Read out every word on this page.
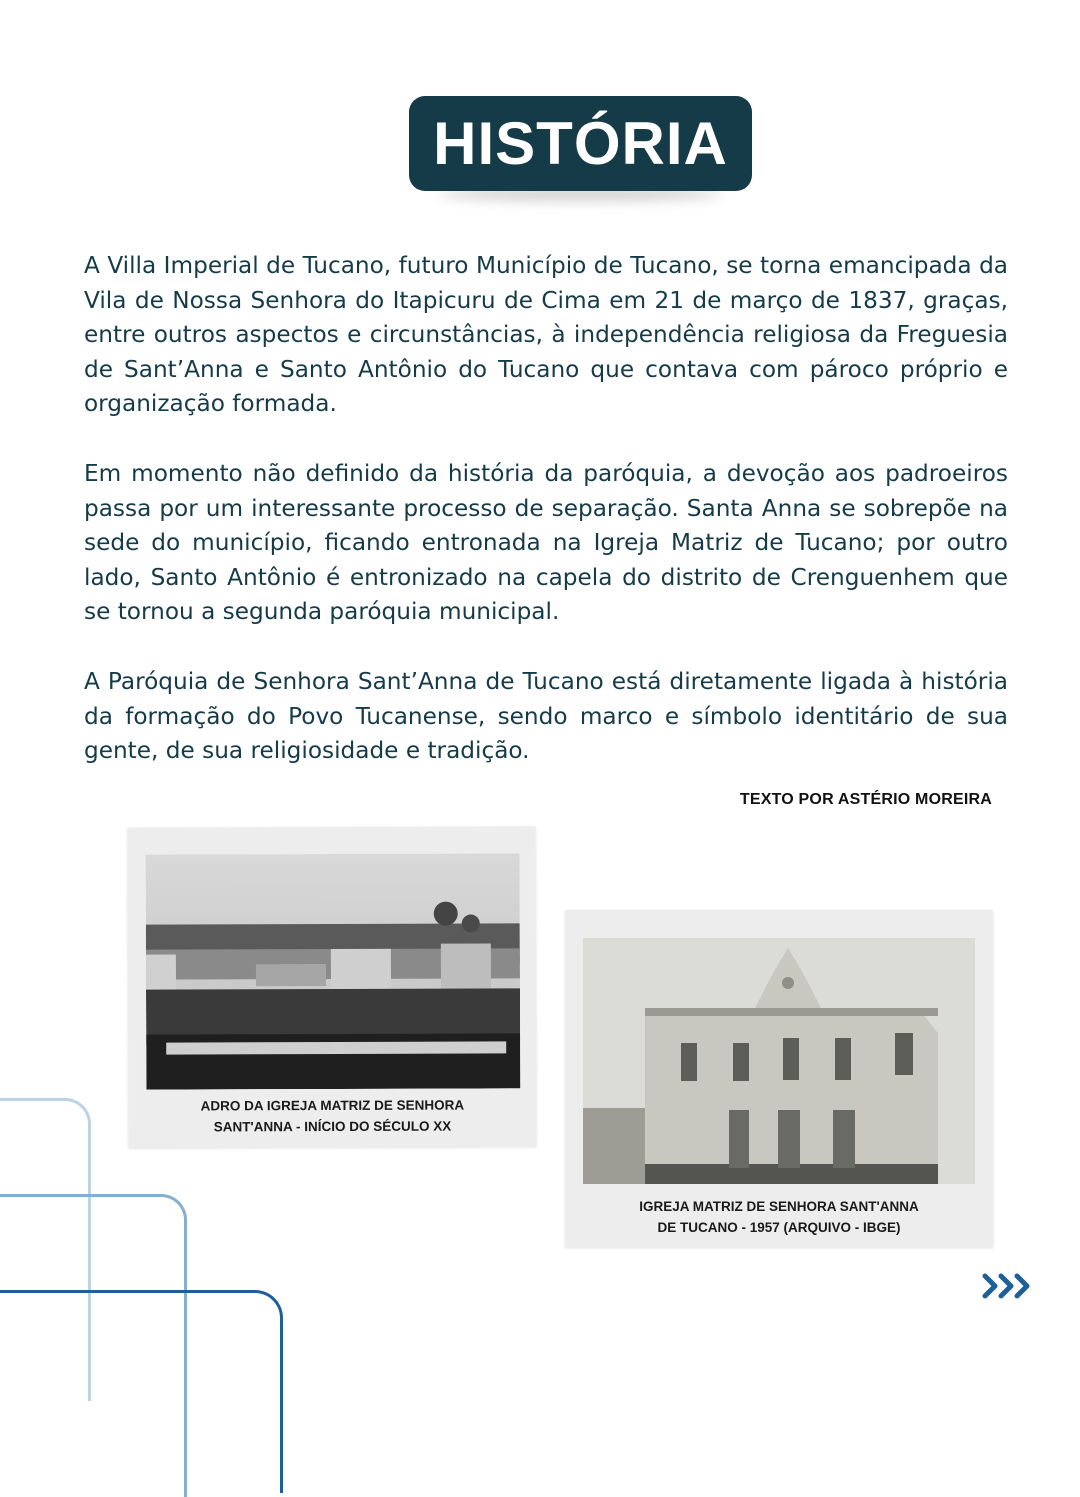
HISTÓRIA

A Villa Imperial de Tucano, futuro Município de Tucano, se torna emancipada da Vila de Nossa Senhora do Itapicuru de Cima em 21 de março de 1837, graças, entre outros aspectos e circunstâncias, à independência religiosa da Freguesia de Sant’Anna e Santo Antônio do Tucano que contava com pároco próprio e organização formada.

Em momento não definido da história da paróquia, a devoção aos padroeiros passa por um interessante processo de separação. Santa Anna se sobrepõe na sede do município, ficando entronada na Igreja Matriz de Tucano; por outro lado, Santo Antônio é entronizado na capela do distrito de Crenguenhem que se tornou a segunda paróquia municipal.

A Paróquia de Senhora Sant’Anna de Tucano está diretamente ligada à história da formação do Povo Tucanense, sendo marco e símbolo identitário de sua gente, de sua religiosidade e tradição.

TEXTO POR ASTÉRIO MOREIRA
ADRO DA IGREJA MATRIZ DE SENHORA
SANT'ANNA - INÍCIO DO SÉCULO XX
IGREJA MATRIZ DE SENHORA SANT'ANNA
DE TUCANO - 1957 (ARQUIVO - IBGE)
